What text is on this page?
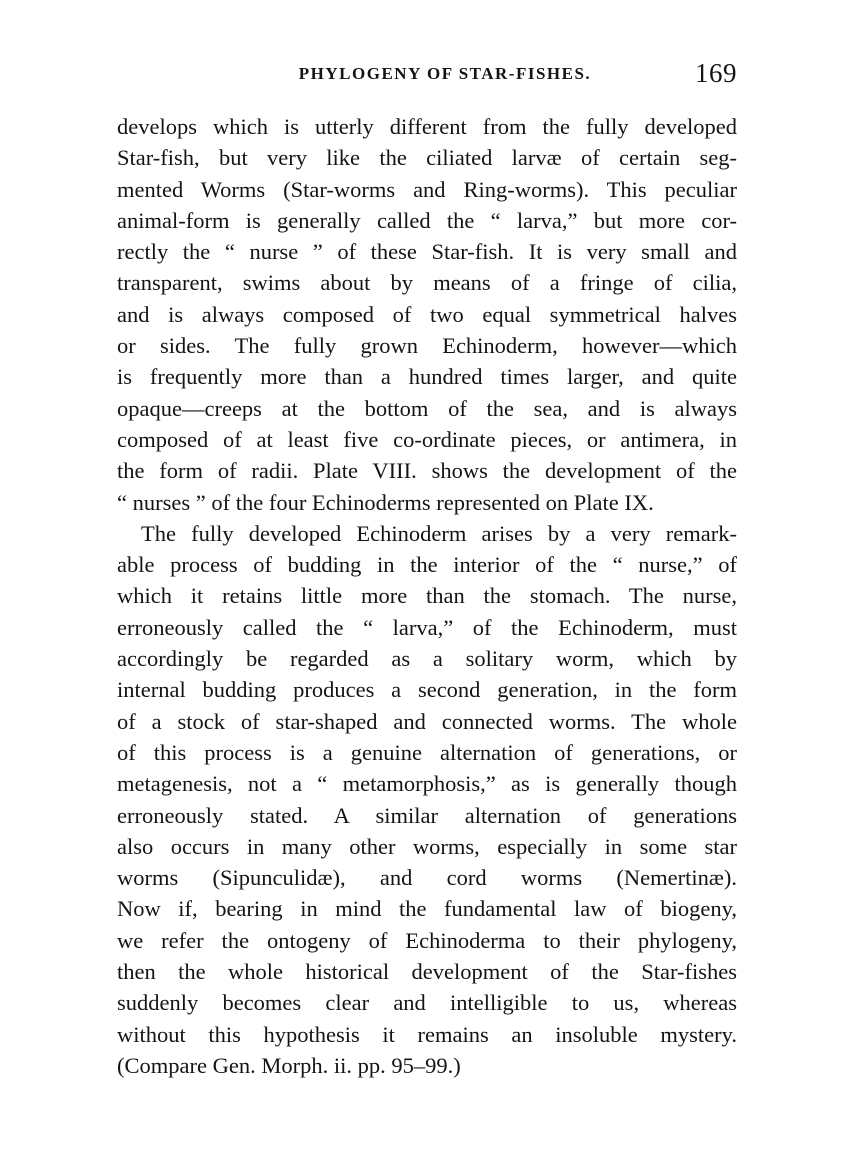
PHYLOGENY OF STAR-FISHES.	169
develops which is utterly different from the fully developed
Star-fish, but very like the ciliated larvæ of certain seg-
mented Worms (Star-worms and Ring-worms). This peculiar
animal-form is generally called the “ larva,” but more cor-
rectly the “ nurse ” of these Star-fish. It is very small and
transparent, swims about by means of a fringe of cilia,
and is always composed of two equal symmetrical halves
or sides. The fully grown Echinoderm, however—which
is frequently more than a hundred times larger, and quite
opaque—creeps at the bottom of the sea, and is always
composed of at least five co-ordinate pieces, or antimera, in
the form of radii. Plate VIII. shows the development of the
“ nurses ” of the four Echinoderms represented on Plate IX.
The fully developed Echinoderm arises by a very remark-
able process of budding in the interior of the “ nurse,” of
which it retains little more than the stomach. The nurse,
erroneously called the “ larva,” of the Echinoderm, must
accordingly be regarded as a solitary worm, which by
internal budding produces a second generation, in the form
of a stock of star-shaped and connected worms. The whole
of this process is a genuine alternation of generations, or
metagenesis, not a “ metamorphosis,” as is generally though
erroneously stated. A similar alternation of generations
also occurs in many other worms, especially in some star
worms (Sipunculidæ), and cord worms (Nemertinæ).
Now if, bearing in mind the fundamental law of biogeny,
we refer the ontogeny of Echinoderma to their phylogeny,
then the whole historical development of the Star-fishes
suddenly becomes clear and intelligible to us, whereas
without this hypothesis it remains an insoluble mystery.
(Compare Gen. Morph. ii. pp. 95–99.)
